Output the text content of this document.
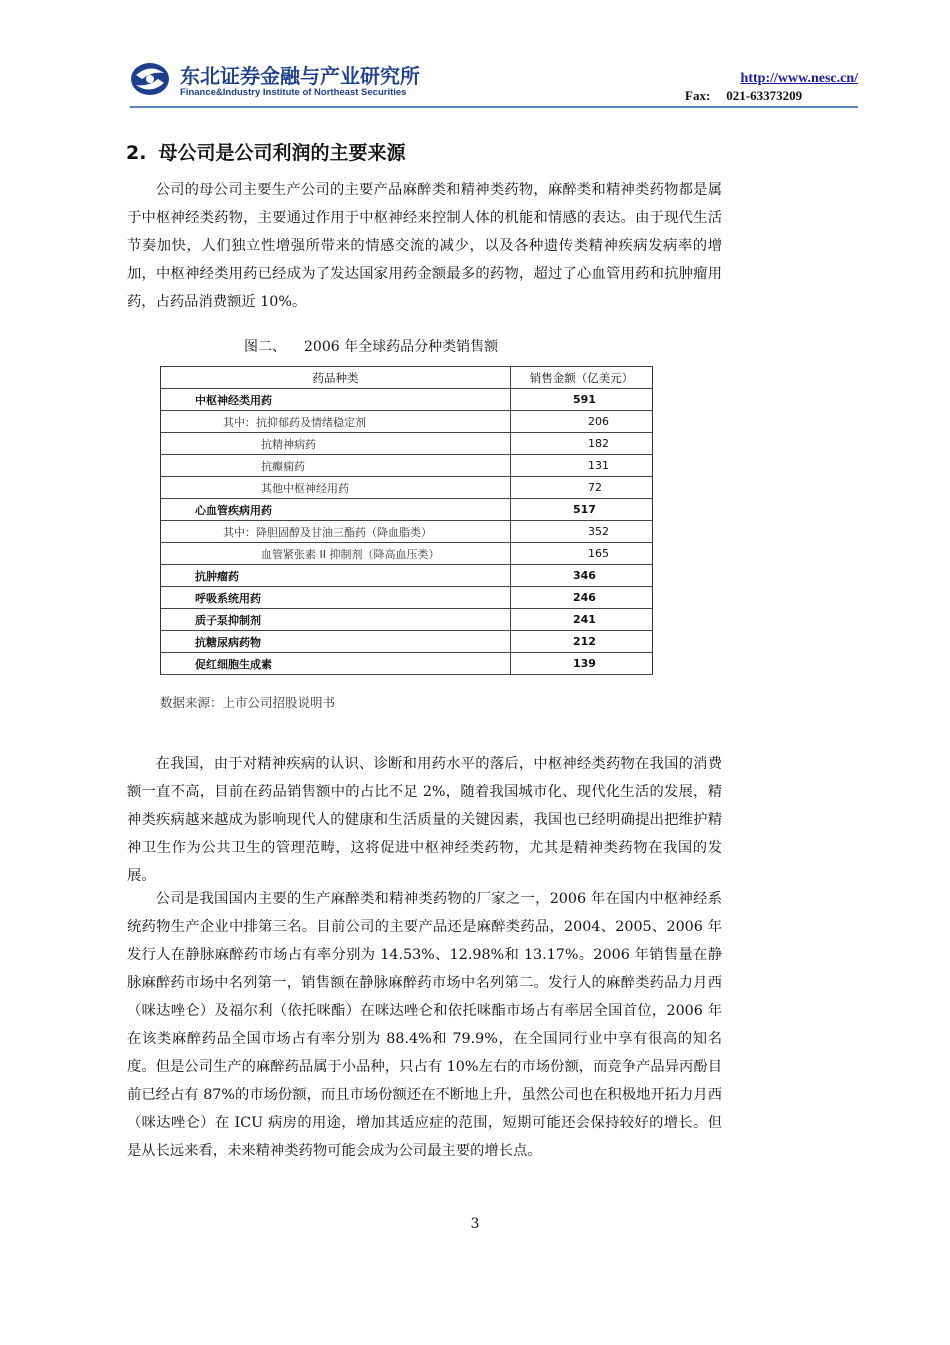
东北证券金融与产业研究所
Finance&Industry Institute of Northeast Securities
http://www.nesc.cn/
Fax: 021-63373209
2. 母公司是公司利润的主要来源

公司的母公司主要生产公司的主要产品麻醉类和精神类药物，麻醉类和精神类药物都是属于中枢神经类药物，主要通过作用于中枢神经来控制人体的机能和情感的表达。由于现代生活节奏加快，人们独立性增强所带来的情感交流的减少，以及各种遗传类精神疾病发病率的增加，中枢神经类用药已经成为了发达国家用药金额最多的药物，超过了心血管用药和抗肿瘤用药，占药品消费额近 10%。

图二、 2006 年全球药品分种类销售额
药品种类	销售金额（亿美元）
中枢神经类用药	591
其中：抗抑郁药及情绪稳定剂	206
抗精神病药	182
抗癫痫药	131
其他中枢神经用药	72
心血管疾病用药	517
其中：降胆固醇及甘油三酯药（降血脂类）	352
血管紧张素 II 抑制剂（降高血压类）	165
抗肿瘤药	346
呼吸系统用药	246
质子泵抑制剂	241
抗糖尿病药物	212
促红细胞生成素	139
数据来源：上市公司招股说明书

在我国，由于对精神疾病的认识、诊断和用药水平的落后，中枢神经类药物在我国的消费额一直不高，目前在药品销售额中的占比不足 2%，随着我国城市化、现代化生活的发展，精神类疾病越来越成为影响现代人的健康和生活质量的关键因素，我国也已经明确提出把维护精神卫生作为公共卫生的管理范畴，这将促进中枢神经类药物，尤其是精神类药物在我国的发展。

公司是我国国内主要的生产麻醉类和精神类药物的厂家之一，2006 年在国内中枢神经系统药物生产企业中排第三名。目前公司的主要产品还是麻醉类药品，2004、2005、2006 年发行人在静脉麻醉药市场占有率分别为 14.53%、12.98%和 13.17%。2006 年销售量在静脉麻醉药市场中名列第一，销售额在静脉麻醉药市场中名列第二。发行人的麻醉类药品力月西（咪达唑仑）及福尔利（依托咪酯）在咪达唑仑和依托咪酯市场占有率居全国首位，2006 年在该类麻醉药品全国市场占有率分别为 88.4%和 79.9%，在全国同行业中享有很高的知名度。但是公司生产的麻醉药品属于小品种，只占有 10%左右的市场份额，而竞争产品异丙酚目前已经占有 87%的市场份额，而且市场份额还在不断地上升，虽然公司也在积极地开拓力月西（咪达唑仑）在 ICU 病房的用途，增加其适应症的范围，短期可能还会保持较好的增长。但是从长远来看，未来精神类药物可能会成为公司最主要的增长点。

3
